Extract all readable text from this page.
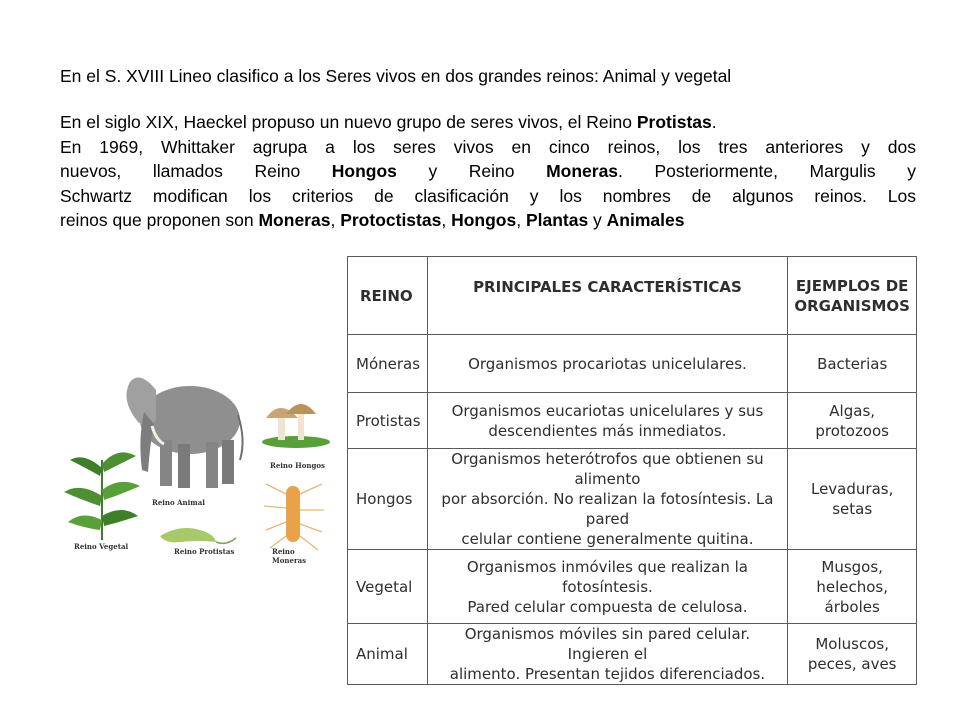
En el S. XVIII Lineo clasifico a los Seres vivos en dos grandes reinos: Animal y vegetal

En el siglo XIX, Haeckel propuso un nuevo grupo de seres vivos, el Reino Protistas.
En 1969, Whittaker agrupa a los seres vivos en cinco reinos, los tres anteriores y dos
nuevos, llamados Reino Hongos y Reino Moneras. Posteriormente, Margulis y
Schwartz modifican los criterios de clasificación y los nombres de algunos reinos. Los
reinos que proponen son Moneras, Protoctistas, Hongos, Plantas y Animales
Reino Animal
Reino Hongos
Reino Vegetal
Reino Protistas	Reino Moneras
REINO	PRINCIPALES CARACTERÍSTICAS	EJEMPLOS DE
ORGANISMOS
Móneras	Organismos procariotas unicelulares.	Bacterias
Protistas	Organismos eucariotas unicelulares y sus
descendientes más inmediatos.	Algas,
protozoos
Hongos	Organismos heterótrofos que obtienen su alimento
por absorción. No realizan la fotosíntesis. La pared
celular contiene generalmente quitina.	Levaduras,
setas
Vegetal	Organismos inmóviles que realizan la fotosíntesis.
Pared celular compuesta de celulosa.	Musgos,
helechos,
árboles
Animal	Organismos móviles sin pared celular. Ingieren el
alimento. Presentan tejidos diferenciados.	Moluscos,
peces, aves
